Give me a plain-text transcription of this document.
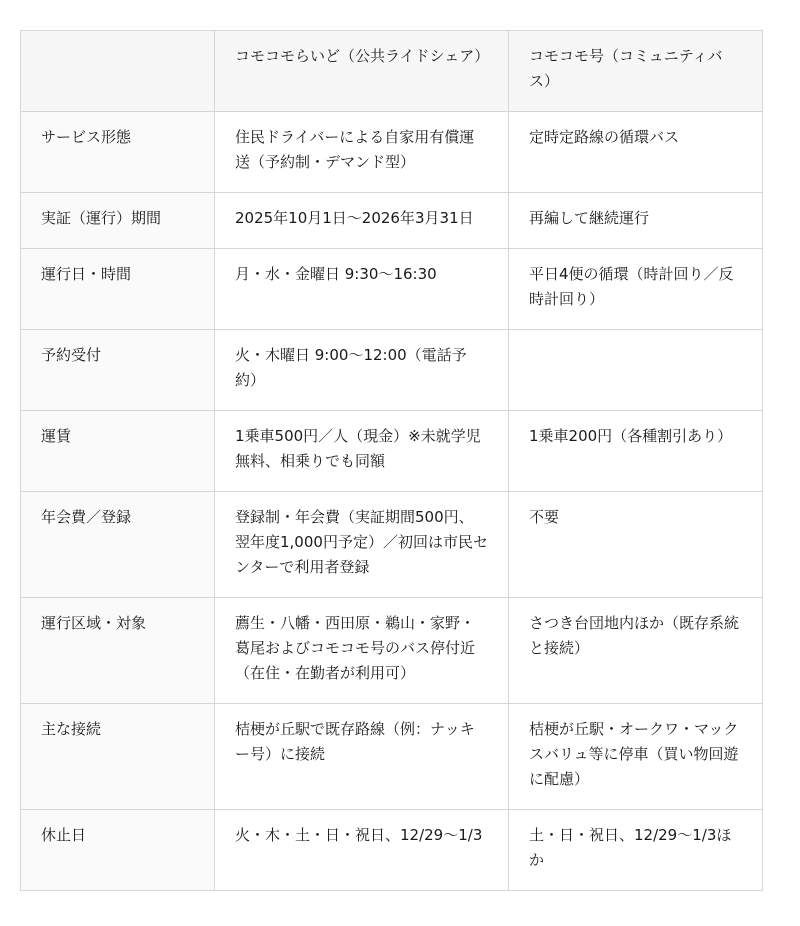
	コモコモらいど（公共ライドシェア）	コモコモ号（コミュニティバス）
サービス形態	住民ドライバーによる自家用有償運送（予約制・デマンド型）	定時定路線の循環バス
実証（運行）期間	2025年10月1日〜2026年3月31日	再編して継続運行
運行日・時間	月・水・金曜日 9:30〜16:30	平日4便の循環（時計回り／反時計回り）
予約受付	火・木曜日 9:00〜12:00（電話予約）	
運賃	1乗車500円／人（現金）※未就学児無料、相乗りでも同額	1乗車200円（各種割引あり）
年会費／登録	登録制・年会費（実証期間500円、翌年度1,000円予定）／初回は市民センターで利用者登録	不要
運行区域・対象	薦生・八幡・西田原・鵜山・家野・葛尾およびコモコモ号のバス停付近（在住・在勤者が利用可）	さつき台団地内ほか（既存系統と接続）
主な接続	桔梗が丘駅で既存路線（例：ナッキー号）に接続	桔梗が丘駅・オークワ・マックスバリュ等に停車（買い物回遊に配慮）
休止日	火・木・土・日・祝日、12/29〜1/3	土・日・祝日、12/29〜1/3ほか
